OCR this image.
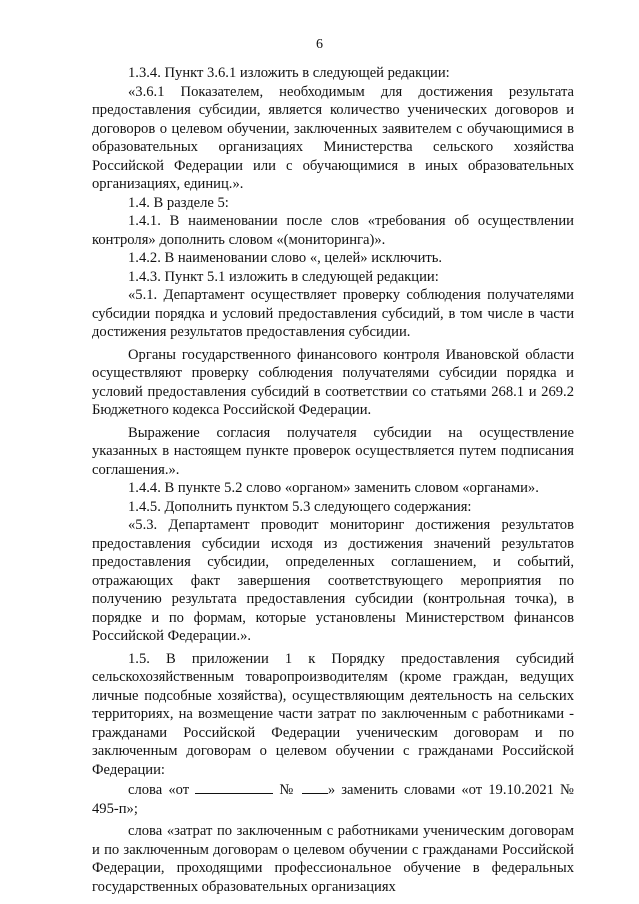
6

1.3.4. Пункт 3.6.1 изложить в следующей редакции:

«3.6.1 Показателем, необходимым для достижения результата предоставления субсидии, является количество ученических договоров и договоров о целевом обучении, заключенных заявителем с обучающимися в образовательных организациях Министерства сельского хозяйства Российской Федерации или с обучающимися в иных образовательных организациях, единиц.».

1.4. В разделе 5:

1.4.1. В наименовании после слов «требования об осуществлении контроля» дополнить словом «(мониторинга)».

1.4.2. В наименовании слово «, целей» исключить.

1.4.3. Пункт 5.1 изложить в следующей редакции:

«5.1. Департамент осуществляет проверку соблюдения получателями субсидии порядка и условий предоставления субсидий, в том числе в части достижения результатов предоставления субсидии.

Органы государственного финансового контроля Ивановской области осуществляют проверку соблюдения получателями субсидии порядка и условий предоставления субсидий в соответствии со статьями 268.1 и 269.2 Бюджетного кодекса Российской Федерации.

Выражение согласия получателя субсидии на осуществление указанных в настоящем пункте проверок осуществляется путем подписания соглашения.».

1.4.4. В пункте 5.2 слово «органом» заменить словом «органами».

1.4.5. Дополнить пунктом 5.3 следующего содержания:

«5.3. Департамент проводит мониторинг достижения результатов предоставления субсидии исходя из достижения значений результатов предоставления субсидии, определенных соглашением, и событий, отражающих факт завершения соответствующего мероприятия по получению результата предоставления субсидии (контрольная точка), в порядке и по формам, которые установлены Министерством финансов Российской Федерации.».

1.5. В приложении 1 к Порядку предоставления субсидий сельскохозяйственным товаропроизводителям (кроме граждан, ведущих личные подсобные хозяйства), осуществляющим деятельность на сельских территориях, на возмещение части затрат по заключенным с работниками - гражданами Российской Федерации ученическим договорам и по заключенным договорам о целевом обучении с гражданами Российской Федерации:

слова «от	№ » заменить словами «от 19.10.2021 № 495-п»;

слова «затрат по заключенным с работниками ученическим договорам и по заключенным договорам о целевом обучении с гражданами Российской Федерации, проходящими профессиональное обучение в федеральных государственных образовательных организациях
